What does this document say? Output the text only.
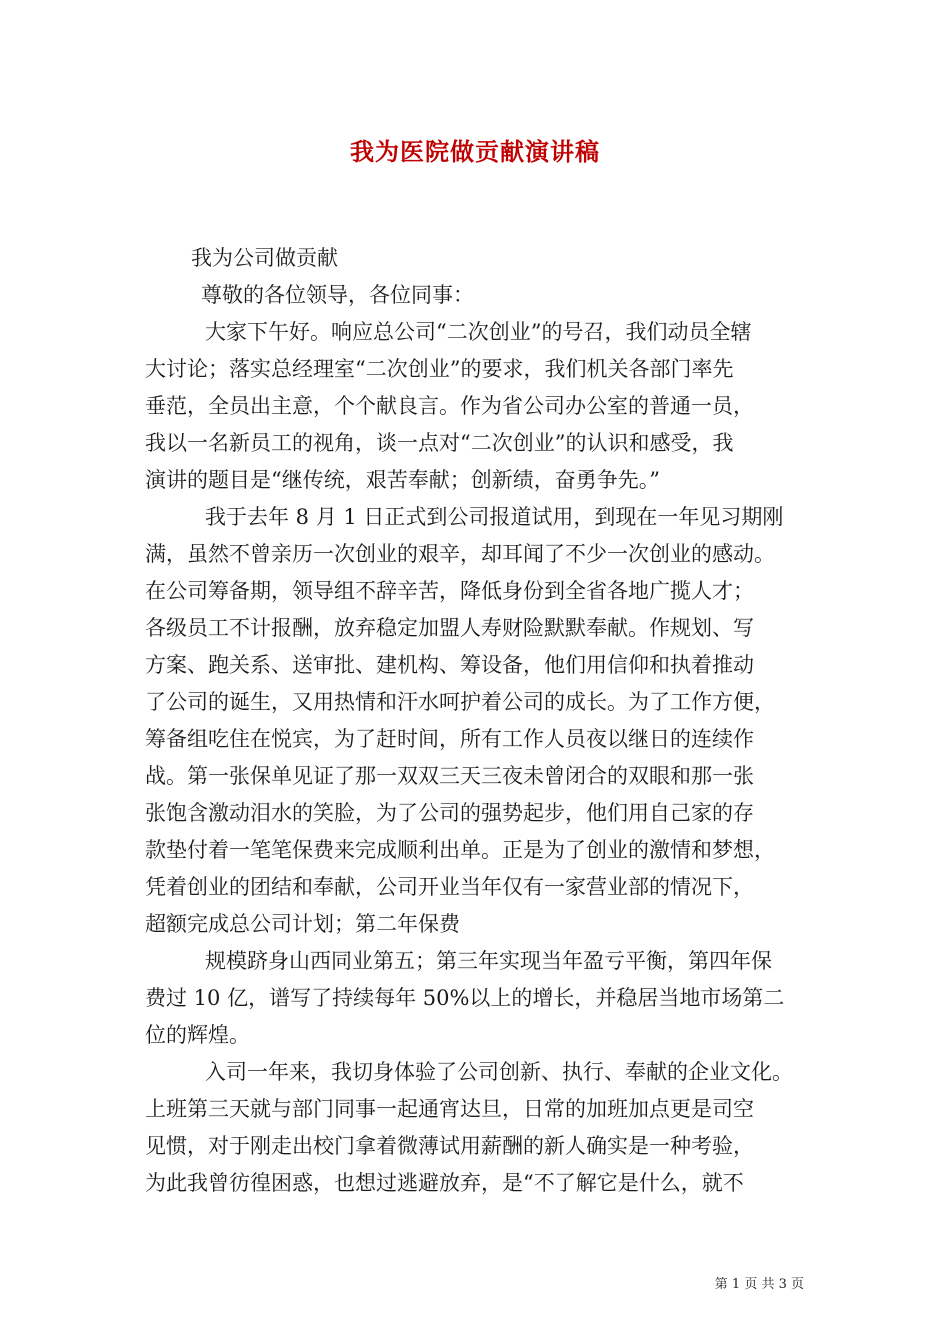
我为医院做贡献演讲稿
我为公司做贡献
尊敬的各位领导，各位同事：
大家下午好。响应总公司“二次创业”的号召，我们动员全辖
大讨论；落实总经理室“二次创业”的要求，我们机关各部门率先
垂范，全员出主意，个个献良言。作为省公司办公室的普通一员，
我以一名新员工的视角，谈一点对“二次创业”的认识和感受，我
演讲的题目是“继传统，艰苦奉献；创新绩，奋勇争先。”
我于去年 8 月 1 日正式到公司报道试用，到现在一年见习期刚
满，虽然不曾亲历一次创业的艰辛，却耳闻了不少一次创业的感动。
在公司筹备期，领导组不辞辛苦，降低身份到全省各地广揽人才；
各级员工不计报酬，放弃稳定加盟人寿财险默默奉献。作规划、写
方案、跑关系、送审批、建机构、筹设备，他们用信仰和执着推动
了公司的诞生，又用热情和汗水呵护着公司的成长。为了工作方便，
筹备组吃住在悦宾，为了赶时间，所有工作人员夜以继日的连续作
战。第一张保单见证了那一双双三天三夜未曾闭合的双眼和那一张
张饱含激动泪水的笑脸，为了公司的强势起步，他们用自己家的存
款垫付着一笔笔保费来完成顺利出单。正是为了创业的激情和梦想，
凭着创业的团结和奉献，公司开业当年仅有一家营业部的情况下，
超额完成总公司计划；第二年保费
规模跻身山西同业第五；第三年实现当年盈亏平衡，第四年保
费过 10 亿，谱写了持续每年 50%以上的增长，并稳居当地市场第二
位的辉煌。
入司一年来，我切身体验了公司创新、执行、奉献的企业文化。
上班第三天就与部门同事一起通宵达旦，日常的加班加点更是司空
见惯，对于刚走出校门拿着微薄试用薪酬的新人确实是一种考验，
为此我曾彷徨困惑，也想过逃避放弃，是“不了解它是什么，就不
第 1 页 共 3 页
